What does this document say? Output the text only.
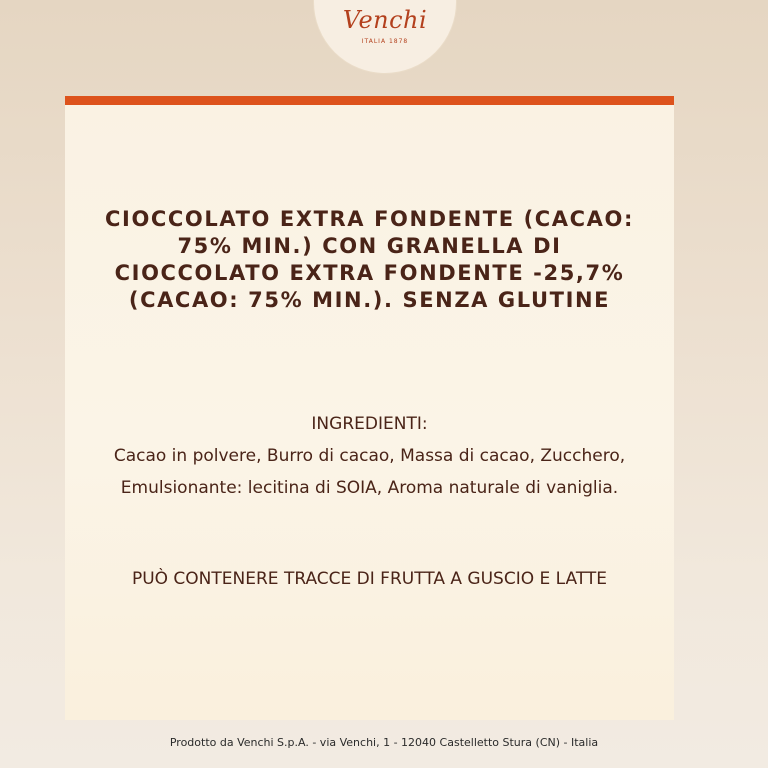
Venchi
ITALIA 1878
CIOCCOLATO EXTRA FONDENTE (CACAO: 75% MIN.) CON GRANELLA DI CIOCCOLATO EXTRA FONDENTE -25,7% (CACAO: 75% MIN.). SENZA GLUTINE

INGREDIENTI:

Cacao in polvere, Burro di cacao, Massa di cacao, Zucchero, Emulsionante: lecitina di SOIA, Aroma naturale di vaniglia.

PUÒ CONTENERE TRACCE DI FRUTTA A GUSCIO E LATTE

Prodotto da Venchi S.p.A. - via Venchi, 1 - 12040 Castelletto Stura (CN) - Italia
